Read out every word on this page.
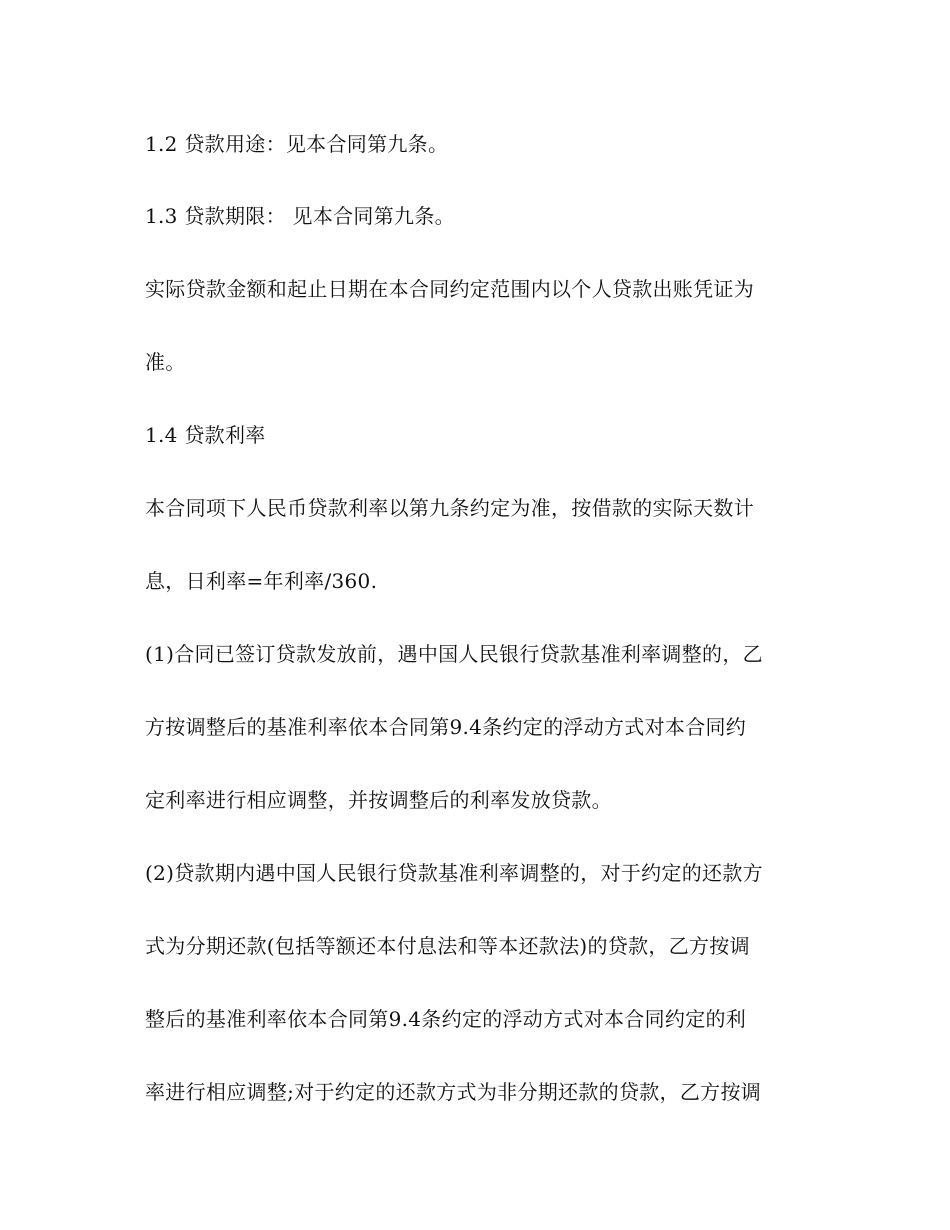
1.2 贷款用途：见本合同第九条。
1.3 贷款期限： 见本合同第九条。
实际贷款金额和起止日期在本合同约定范围内以个人贷款出账凭证为
准。
1.4 贷款利率
本合同项下人民币贷款利率以第九条约定为准，按借款的实际天数计
息，日利率=年利率/360.
(1)合同已签订贷款发放前，遇中国人民银行贷款基准利率调整的，乙
方按调整后的基准利率依本合同第9.4条约定的浮动方式对本合同约
定利率进行相应调整，并按调整后的利率发放贷款。
(2)贷款期内遇中国人民银行贷款基准利率调整的，对于约定的还款方
式为分期还款(包括等额还本付息法和等本还款法)的贷款，乙方按调
整后的基准利率依本合同第9.4条约定的浮动方式对本合同约定的利
率进行相应调整;对于约定的还款方式为非分期还款的贷款，乙方按调
